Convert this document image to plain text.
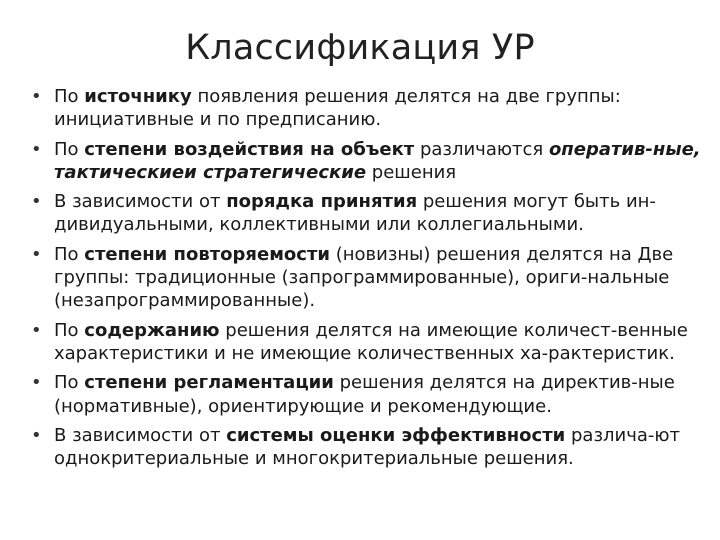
Классификация УР
• По источнику появления решения делятся на две группы: инициативные и по предписанию.
• По степени воздействия на объект различаются оператив-ные, тактическиеи стратегические решения
• В зависимости от порядка принятия решения могут быть ин-дивидуальными, коллективными или коллегиальными.
• По степени повторяемости (новизны) решения делятся на Две группы: традиционные (запрограммированные), ориги-нальные (незапрограммированные).
• По содержанию решения делятся на имеющие количест-венные характеристики и не имеющие количественных ха-рактеристик.
• По степени регламентации решения делятся на директив-ные (нормативные), ориентирующие и рекомендующие.
• В зависимости от системы оценки эффективности различа-ют однокритериальные и многокритериальные решения.
